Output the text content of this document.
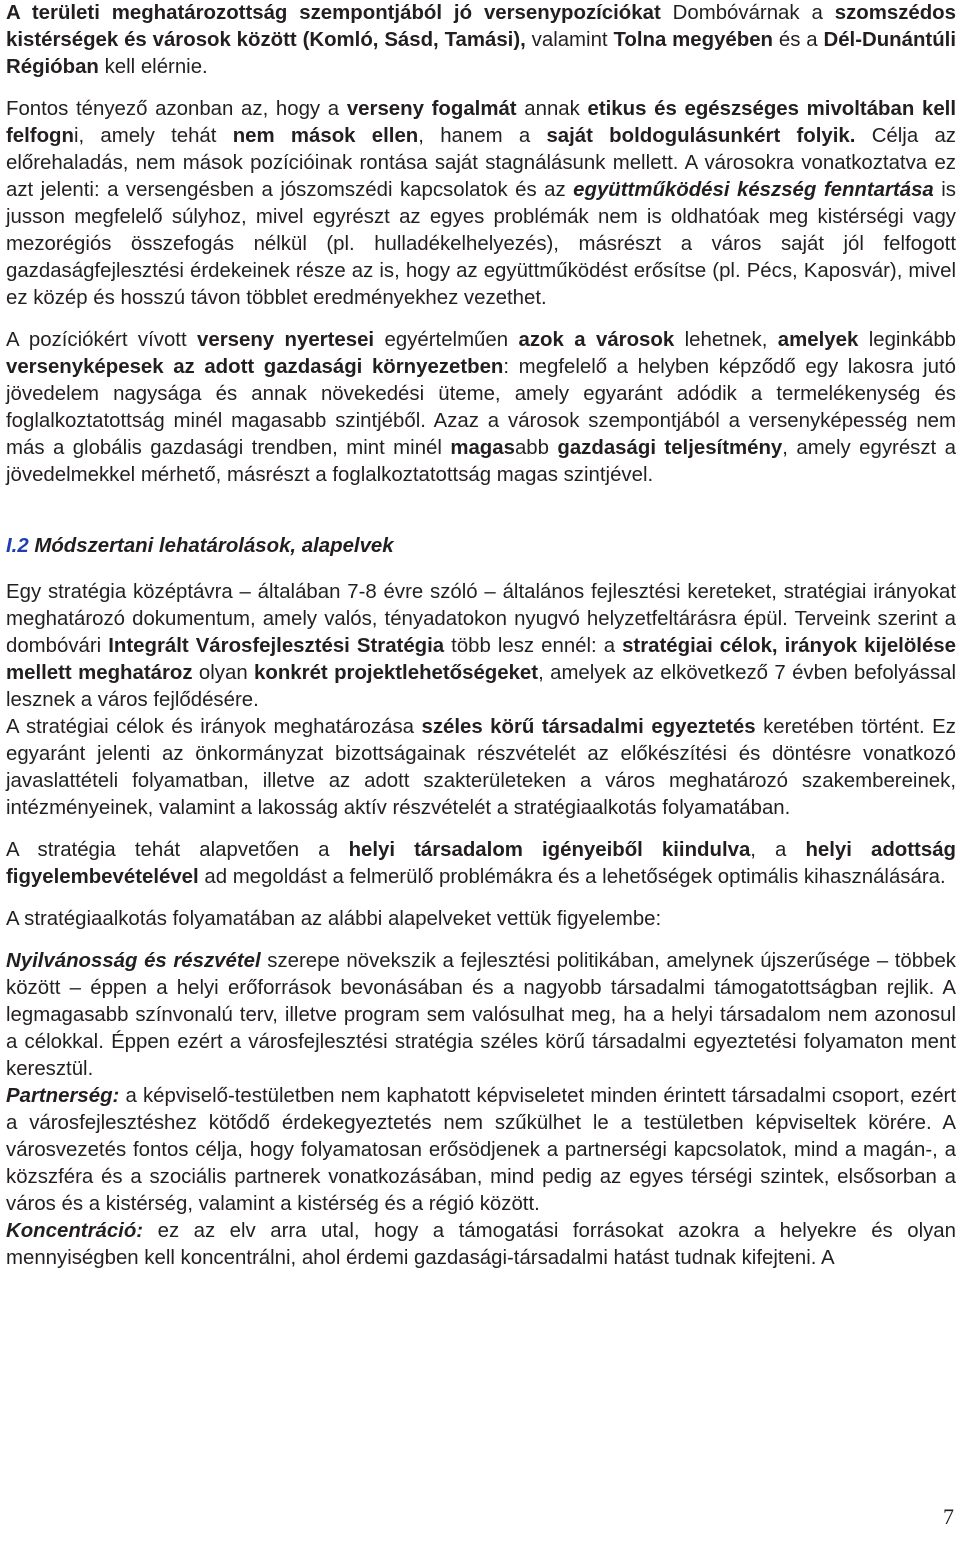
A területi meghatározottság szempontjából jó versenypozíciókat Dombóvárnak a szomszédos kistérségek és városok között (Komló, Sásd, Tamási), valamint Tolna megyében és a Dél-Dunántúli Régióban kell elérnie.

Fontos tényező azonban az, hogy a verseny fogalmát annak etikus és egészséges mivoltában kell felfogni, amely tehát nem mások ellen, hanem a saját boldogulásunkért folyik. Célja az előrehaladás, nem mások pozícióinak rontása saját stagnálásunk mellett. A városokra vonatkoztatva ez azt jelenti: a versengésben a jószomszédi kapcsolatok és az együttműködési készség fenntartása is jusson megfelelő súlyhoz, mivel egyrészt az egyes problémák nem is oldhatóak meg kistérségi vagy mezorégiós összefogás nélkül (pl. hulladékelhelyezés), másrészt a város saját jól felfogott gazdaságfejlesztési érdekeinek része az is, hogy az együttműködést erősítse (pl. Pécs, Kaposvár), mivel ez közép és hosszú távon többlet eredményekhez vezethet.

A pozíciókért vívott verseny nyertesei egyértelműen azok a városok lehetnek, amelyek leginkább versenyképesek az adott gazdasági környezetben: megfelelő a helyben képződő egy lakosra jutó jövedelem nagysága és annak növekedési üteme, amely egyaránt adódik a termelékenység és foglalkoztatottság minél magasabb szintjéből. Azaz a városok szempontjából a versenyképesség nem más a globális gazdasági trendben, mint minél magasabb gazdasági teljesítmény, amely egyrészt a jövedelmekkel mérhető, másrészt a foglalkoztatottság magas szintjével.

I.2 Módszertani lehatárolások, alapelvek

Egy stratégia középtávra – általában 7-8 évre szóló – általános fejlesztési kereteket, stratégiai irányokat meghatározó dokumentum, amely valós, tényadatokon nyugvó helyzetfeltárásra épül. Terveink szerint a dombóvári Integrált Városfejlesztési Stratégia több lesz ennél: a stratégiai célok, irányok kijelölése mellett meghatároz olyan konkrét projektlehetőségeket, amelyek az elkövetkező 7 évben befolyással lesznek a város fejlődésére.

A stratégiai célok és irányok meghatározása széles körű társadalmi egyeztetés keretében történt. Ez egyaránt jelenti az önkormányzat bizottságainak részvételét az előkészítési és döntésre vonatkozó javaslattételi folyamatban, illetve az adott szakterületeken a város meghatározó szakembereinek, intézményeinek, valamint a lakosság aktív részvételét a stratégiaalkotás folyamatában.

A stratégia tehát alapvetően a helyi társadalom igényeiből kiindulva, a helyi adottság figyelembevételével ad megoldást a felmerülő problémákra és a lehetőségek optimális kihasználására.

A stratégiaalkotás folyamatában az alábbi alapelveket vettük figyelembe:

Nyilvánosság és részvétel szerepe növekszik a fejlesztési politikában, amelynek újszerűsége – többek között – éppen a helyi erőforrások bevonásában és a nagyobb társadalmi támogatottságban rejlik. A legmagasabb színvonalú terv, illetve program sem valósulhat meg, ha a helyi társadalom nem azonosul a célokkal. Éppen ezért a városfejlesztési stratégia széles körű társadalmi egyeztetési folyamaton ment keresztül.

Partnerség: a képviselő-testületben nem kaphatott képviseletet minden érintett társadalmi csoport, ezért a városfejlesztéshez kötődő érdekegyeztetés nem szűkülhet le a testületben képviseltek körére. A városvezetés fontos célja, hogy folyamatosan erősödjenek a partnerségi kapcsolatok, mind a magán-, a közszféra és a szociális partnerek vonatkozásában, mind pedig az egyes térségi szintek, elsősorban a város és a kistérség, valamint a kistérség és a régió között.

Koncentráció: ez az elv arra utal, hogy a támogatási forrásokat azokra a helyekre és olyan mennyiségben kell koncentrálni, ahol érdemi gazdasági-társadalmi hatást tudnak kifejteni. A

7
